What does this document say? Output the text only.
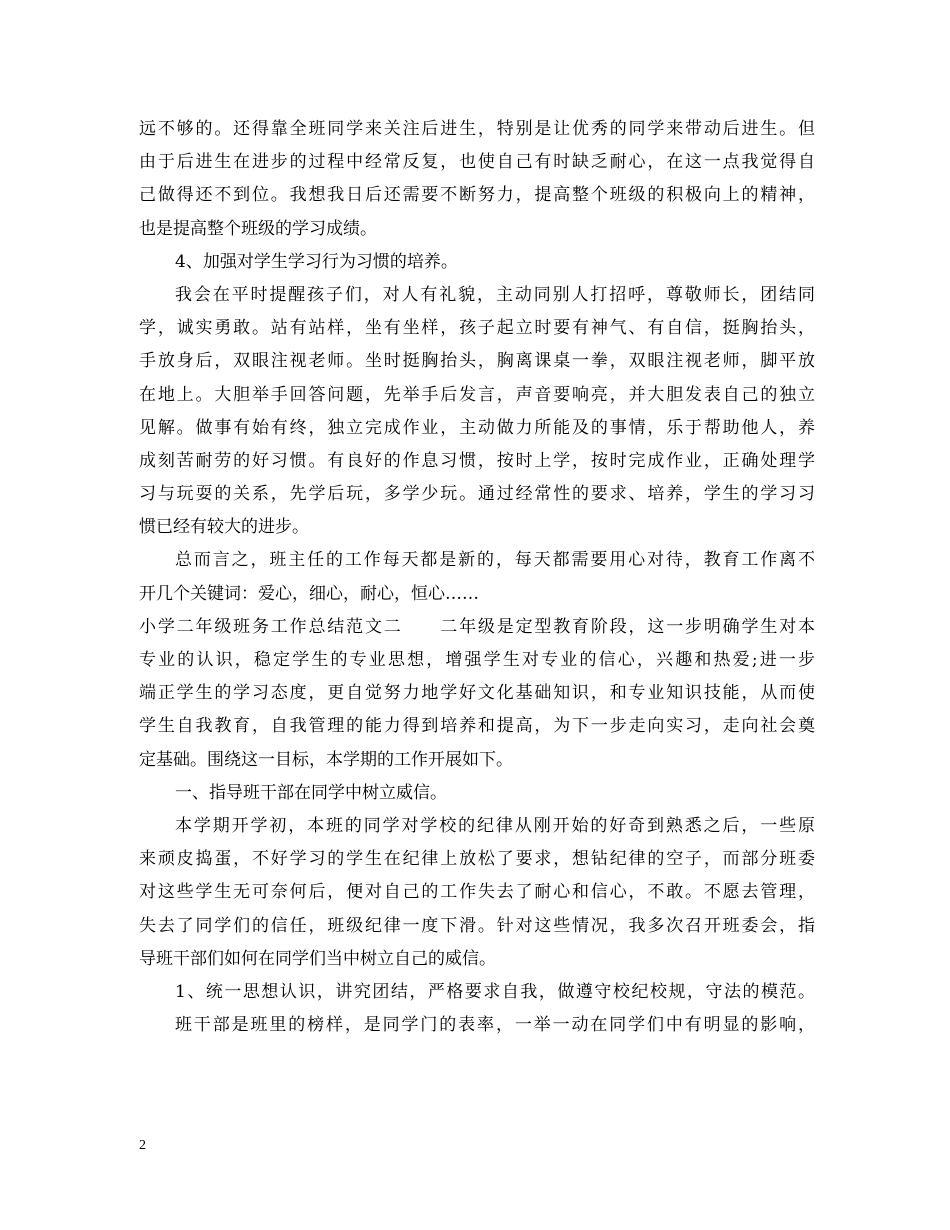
远不够的。还得靠全班同学来关注后进生，特别是让优秀的同学来带动后进生。但
由于后进生在进步的过程中经常反复，也使自己有时缺乏耐心，在这一点我觉得自
己做得还不到位。我想我日后还需要不断努力，提高整个班级的积极向上的精神，
也是提高整个班级的学习成绩。
4、加强对学生学习行为习惯的培养。
我会在平时提醒孩子们，对人有礼貌，主动同别人打招呼，尊敬师长，团结同
学，诚实勇敢。站有站样，坐有坐样，孩子起立时要有神气、有自信，挺胸抬头，
手放身后，双眼注视老师。坐时挺胸抬头，胸离课桌一拳，双眼注视老师，脚平放
在地上。大胆举手回答问题，先举手后发言，声音要响亮，并大胆发表自己的独立
见解。做事有始有终，独立完成作业，主动做力所能及的事情，乐于帮助他人，养
成刻苦耐劳的好习惯。有良好的作息习惯，按时上学，按时完成作业，正确处理学
习与玩耍的关系，先学后玩，多学少玩。通过经常性的要求、培养，学生的学习习
惯已经有较大的进步。
总而言之，班主任的工作每天都是新的，每天都需要用心对待，教育工作离不
开几个关键词：爱心，细心，耐心，恒心……
小学二年级班务工作总结范文二　　二年级是定型教育阶段，这一步明确学生对本
专业的认识，稳定学生的专业思想，增强学生对专业的信心，兴趣和热爱;进一步
端正学生的学习态度，更自觉努力地学好文化基础知识，和专业知识技能，从而使
学生自我教育，自我管理的能力得到培养和提高，为下一步走向实习，走向社会奠
定基础。围绕这一目标，本学期的工作开展如下。
一、指导班干部在同学中树立威信。
本学期开学初，本班的同学对学校的纪律从刚开始的好奇到熟悉之后，一些原
来顽皮捣蛋，不好学习的学生在纪律上放松了要求，想钻纪律的空子，而部分班委
对这些学生无可奈何后，便对自己的工作失去了耐心和信心，不敢。不愿去管理，
失去了同学们的信任，班级纪律一度下滑。针对这些情况，我多次召开班委会，指
导班干部们如何在同学们当中树立自己的威信。
1、统一思想认识，讲究团结，严格要求自我，做遵守校纪校规，守法的模范。
班干部是班里的榜样，是同学门的表率，一举一动在同学们中有明显的影响，
2
